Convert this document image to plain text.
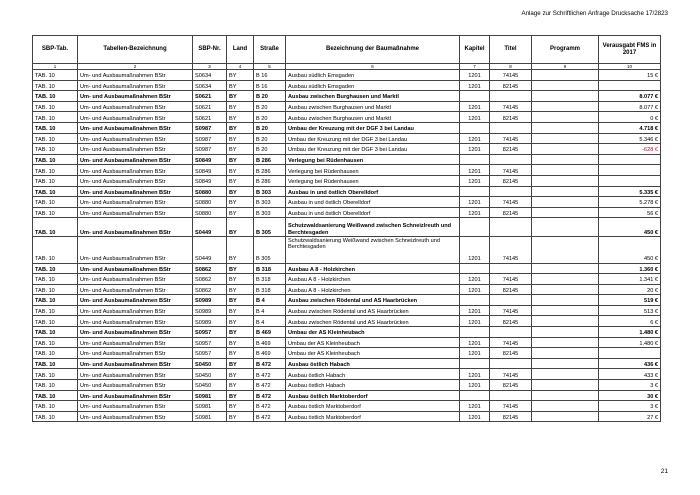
Anlage zur Schriftlichen Anfrage Drucksache 17/2823
SBP-Tab.	Tabellen-Bezeichnung	SBP-Nr.	Land	Straße	Bezeichnung der Baumaßnahme	Kapitel	Titel	Programm	Verausgabt FMS in 2017
1	2	3	4	5	6	7	8	9	10
TAB. 10	Um- und Ausbaumaßnahmen BStr	S0634	BY	B 16	Ausbau südlich Emsgaden	1201	74145		15 €
TAB. 10	Um- und Ausbaumaßnahmen BStr	S0634	BY	B 16	Ausbau südlich Emsgaden	1201	82145		

TAB. 10	Um- und Ausbaumaßnahmen BStr	S0621	BY	B 20	Ausbau zwischen Burghausen und Marktl				8.077 €
TAB. 10	Um- und Ausbaumaßnahmen BStr	S0621	BY	B 20	Ausbau zwischen Burghausen und Marktl	1201	74145		8.077 €
TAB. 10	Um- und Ausbaumaßnahmen BStr	S0621	BY	B 20	Ausbau zwischen Burghausen und Marktl	1201	82145		0 €
TAB. 10	Um- und Ausbaumaßnahmen BStr	S0987	BY	B 20	Umbau der Kreuzung mit der DGF 3 bei Landau				4.718 €
TAB. 10	Um- und Ausbaumaßnahmen BStr	S0987	BY	B 20	Umbau der Kreuzung mit der DGF 3 bei Landau	1201	74145		5.346 €
TAB. 10	Um- und Ausbaumaßnahmen BStr	S0987	BY	B 20	Umbau der Kreuzung mit der DGF 3 bei Landau	1201	82145		-628 €
TAB. 10	Um- und Ausbaumaßnahmen BStr	S0849	BY	B 286	Verlegung bei Rüdenhausen				
TAB. 10	Um- und Ausbaumaßnahmen BStr	S0849	BY	B 286	Verlegung bei Rüdenhausen	1201	74145		

TAB. 10	Um- und Ausbaumaßnahmen BStr	S0849	BY	B 286	Verlegung bei Rüdenhausen	1201	82145		

TAB. 10	Um- und Ausbaumaßnahmen BStr	S0880	BY	B 303	Ausbau in und östlich Oberelldorf				5.335 €
TAB. 10	Um- und Ausbaumaßnahmen BStr	S0880	BY	B 303	Ausbau in und östlich Oberelldorf	1201	74145		5.278 €
TAB. 10	Um- und Ausbaumaßnahmen BStr	S0880	BY	B 303	Ausbau in und östlich Oberelldorf	1201	82145		56 €
TAB. 10	Um- und Ausbaumaßnahmen BStr	S0449	BY	B 305	Schutzwaldsanierung Weißwand zwischen Schneizlreuth und Berchtesgaden				450 €
TAB. 10	Um- und Ausbaumaßnahmen BStr	S0449	BY	B 305	Schutzwaldsanierung Weißwand zwischen Schneizlreuth und Berchtesgaden	1201	74145		450 €
TAB. 10	Um- und Ausbaumaßnahmen BStr	S0862	BY	B 318	Ausbau A 8 - Holzkirchen				1.360 €
TAB. 10	Um- und Ausbaumaßnahmen BStr	S0862	BY	B 318	Ausbau A 8 - Holzkirchen	1201	74145		1.341 €
TAB. 10	Um- und Ausbaumaßnahmen BStr	S0862	BY	B 318	Ausbau A 8 - Holzkirchen	1201	82145		20 €
TAB. 10	Um- und Ausbaumaßnahmen BStr	S0989	BY	B 4	Ausbau zwischen Rödental und AS Haarbrücken				519 €
TAB. 10	Um- und Ausbaumaßnahmen BStr	S0989	BY	B 4	Ausbau zwischen Rödental und AS Haarbrücken	1201	74145		513 €
TAB. 10	Um- und Ausbaumaßnahmen BStr	S0989	BY	B 4	Ausbau zwischen Rödental und AS Haarbrücken	1201	82145		6 €
TAB. 10	Um- und Ausbaumaßnahmen BStr	S0957	BY	B 469	Umbau der AS Kleinheubach				1.480 €
TAB. 10	Um- und Ausbaumaßnahmen BStr	S0957	BY	B 469	Umbau der AS Kleinheubach	1201	74145		1.480 €
TAB. 10	Um- und Ausbaumaßnahmen BStr	S0957	BY	B 469	Umbau der AS Kleinheubach	1201	82145		

TAB. 10	Um- und Ausbaumaßnahmen BStr	S0450	BY	B 472	Ausbau östlich Habach				436 €
TAB. 10	Um- und Ausbaumaßnahmen BStr	S0450	BY	B 472	Ausbau östlich Habach	1201	74145		433 €
TAB. 10	Um- und Ausbaumaßnahmen BStr	S0450	BY	B 472	Ausbau östlich Habach	1201	82145		3 €
TAB. 10	Um- und Ausbaumaßnahmen BStr	S0981	BY	B 472	Ausbau östlich Marktoberdorf				30 €
TAB. 10	Um- und Ausbaumaßnahmen BStr	S0981	BY	B 472	Ausbau östlich Marktoberdorf	1201	74145		3 €
TAB. 10	Um- und Ausbaumaßnahmen BStr	S0981	BY	B 472	Ausbau östlich Marktoberdorf	1201	82145		27 €
21
